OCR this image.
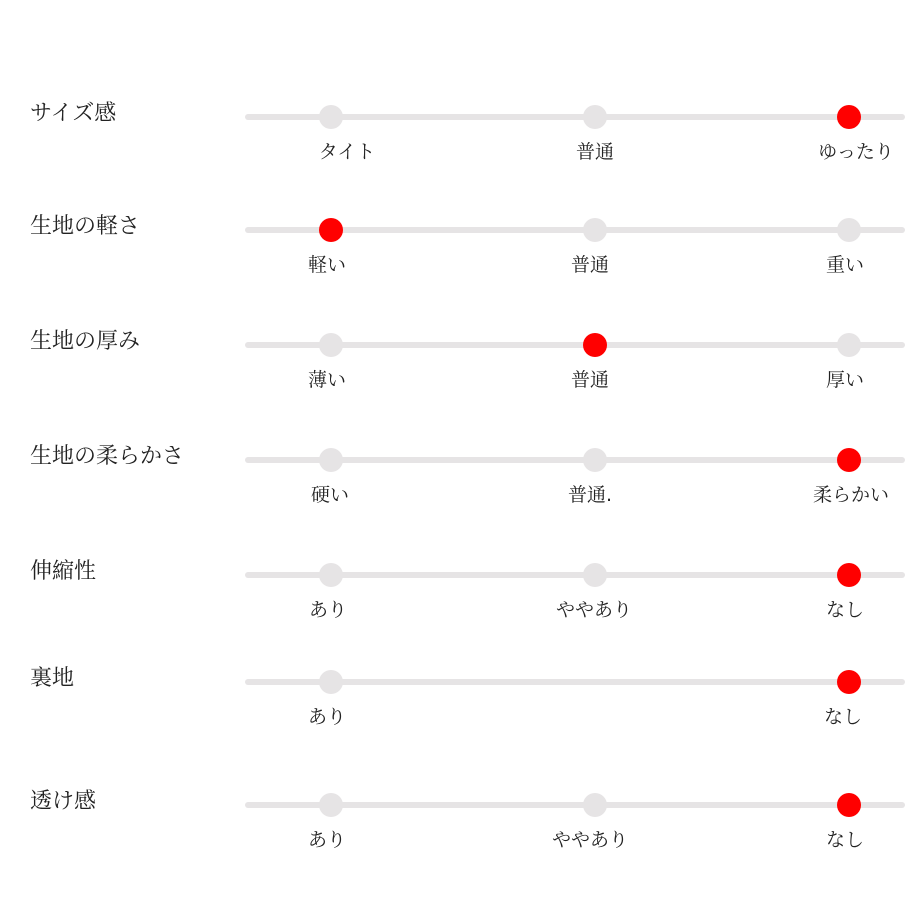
サイズ感
タイト	普通	ゆったり
生地の軽さ
軽い	普通	重い
生地の厚み
薄い	普通	厚い
生地の柔らかさ
硬い	普通.	柔らかい
伸縮性
あり	ややあり	なし
裏地
あり	なし
透け感
あり	ややあり	なし
